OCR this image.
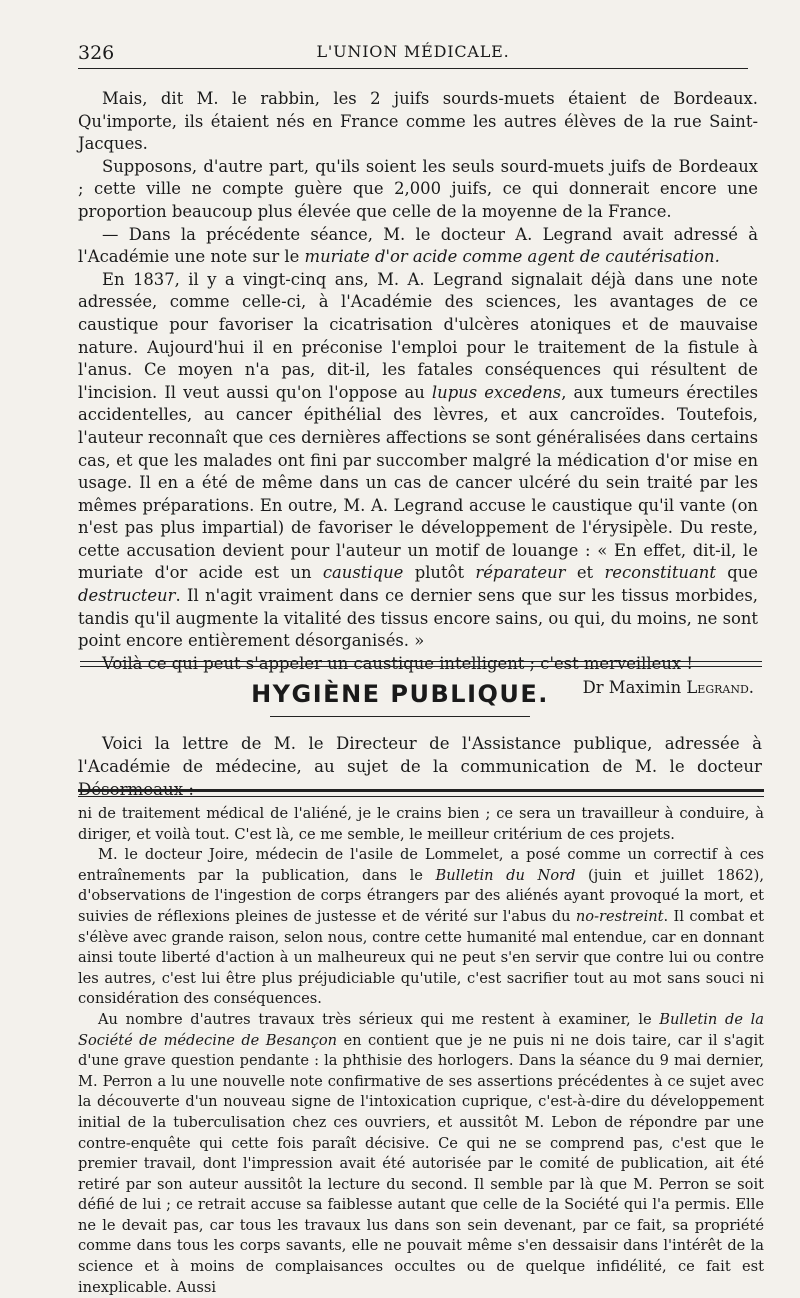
326	L'UNION MÉDICALE.

Mais, dit M. le rabbin, les 2 juifs sourds-muets étaient de Bordeaux. Qu'importe, ils étaient nés en France comme les autres élèves de la rue Saint-Jacques.

Supposons, d'autre part, qu'ils soient les seuls sourd-muets juifs de Bordeaux ; cette ville ne compte guère que 2,000 juifs, ce qui donnerait encore une proportion beaucoup plus élevée que celle de la moyenne de la France.

— Dans la précédente séance, M. le docteur A. Legrand avait adressé à l'Académie une note sur le muriate d'or acide comme agent de cautérisation.

En 1837, il y a vingt-cinq ans, M. A. Legrand signalait déjà dans une note adressée, comme celle-ci, à l'Académie des sciences, les avantages de ce caustique pour favoriser la cicatrisation d'ulcères atoniques et de mauvaise nature. Aujourd'hui il en préconise l'emploi pour le traitement de la fistule à l'anus. Ce moyen n'a pas, dit-il, les fatales conséquences qui résultent de l'incision. Il veut aussi qu'on l'oppose au lupus excedens, aux tumeurs érectiles accidentelles, au cancer épithélial des lèvres, et aux cancroïdes. Toutefois, l'auteur reconnaît que ces dernières affections se sont généralisées dans certains cas, et que les malades ont fini par succomber malgré la médication d'or mise en usage. Il en a été de même dans un cas de cancer ulcéré du sein traité par les mêmes préparations. En outre, M. A. Legrand accuse le caustique qu'il vante (on n'est pas plus impartial) de favoriser le développement de l'érysipèle. Du reste, cette accusation devient pour l'auteur un motif de louange : « En effet, dit-il, le muriate d'or acide est un caustique plutôt réparateur et reconstituant que destructeur. Il n'agit vraiment dans ce dernier sens que sur les tissus morbides, tandis qu'il augmente la vitalité des tissus encore sains, ou qui, du moins, ne sont point encore entièrement désorganisés. »

Voilà ce qui peut s'appeler un caustique intelligent ; c'est merveilleux !

Dr Maximin Legrand.
HYGIÈNE PUBLIQUE.

Voici la lettre de M. le Directeur de l'Assistance publique, adressée à l'Académie de médecine, au sujet de la communication de M. le docteur Désormeaux :

ni de traitement médical de l'aliéné, je le crains bien ; ce sera un travailleur à conduire, à diriger, et voilà tout. C'est là, ce me semble, le meilleur critérium de ces projets.

M. le docteur Joire, médecin de l'asile de Lommelet, a posé comme un correctif à ces entraînements par la publication, dans le Bulletin du Nord (juin et juillet 1862), d'observations de l'ingestion de corps étrangers par des aliénés ayant provoqué la mort, et suivies de réflexions pleines de justesse et de vérité sur l'abus du no-restreint. Il combat et s'élève avec grande raison, selon nous, contre cette humanité mal entendue, car en donnant ainsi toute liberté d'action à un malheureux qui ne peut s'en servir que contre lui ou contre les autres, c'est lui être plus préjudiciable qu'utile, c'est sacrifier tout au mot sans souci ni considération des conséquences.

Au nombre d'autres travaux très sérieux qui me restent à examiner, le Bulletin de la Société de médecine de Besançon en contient que je ne puis ni ne dois taire, car il s'agit d'une grave question pendante : la phthisie des horlogers. Dans la séance du 9 mai dernier, M. Perron a lu une nouvelle note confirmative de ses assertions précédentes à ce sujet avec la découverte d'un nouveau signe de l'intoxication cuprique, c'est-à-dire du développement initial de la tuberculisation chez ces ouvriers, et aussitôt M. Lebon de répondre par une contre-enquête qui cette fois paraît décisive. Ce qui ne se comprend pas, c'est que le premier travail, dont l'impression avait été autorisée par le comité de publication, ait été retiré par son auteur aussitôt la lecture du second. Il semble par là que M. Perron se soit défié de lui ; ce retrait accuse sa faiblesse autant que celle de la Société qui l'a permis. Elle ne le devait pas, car tous les travaux lus dans son sein devenant, par ce fait, sa propriété comme dans tous les corps savants, elle ne pouvait même s'en dessaisir dans l'intérêt de la science et à moins de complaisances occultes ou de quelque infidélité, ce fait est inexplicable. Aussi
